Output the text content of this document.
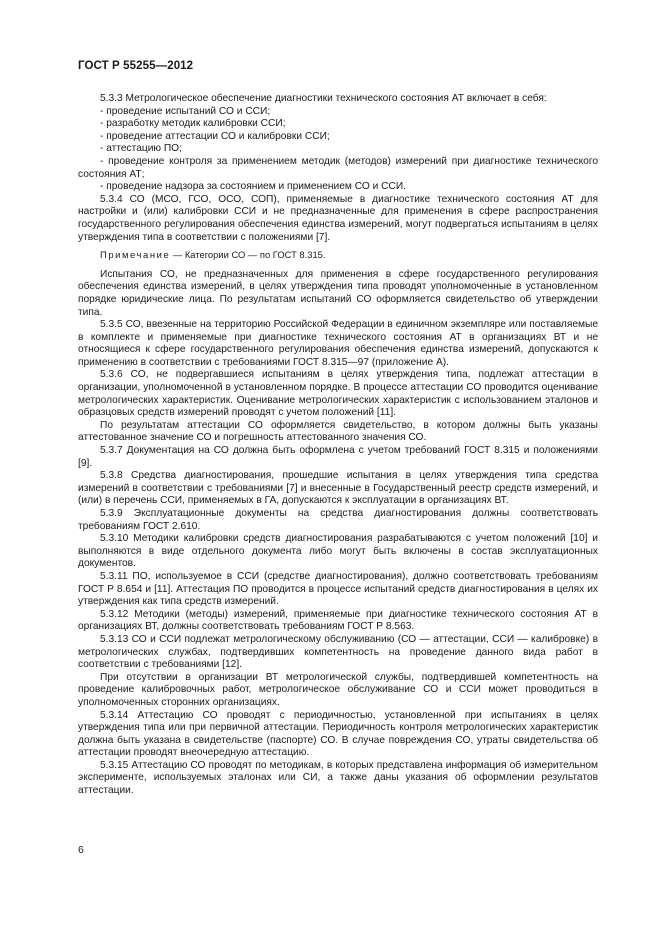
ГОСТ Р 55255—2012

5.3.3 Метрологическое обеспечение диагностики технического состояния АТ включает в себя:

- проведение испытаний СО и ССИ;

- разработку методик калибровки ССИ;

- проведение аттестации СО и калибровки ССИ;

- аттестацию ПО;

- проведение контроля за применением методик (методов) измерений при диагностике технического состояния АТ;

- проведение надзора за состоянием и применением СО и ССИ.

5.3.4 СО (МСО, ГСО, ОСО, СОП), применяемые в диагностике технического состояния АТ для настройки и (или) калибровки ССИ и не предназначенные для применения в сфере распространения государственного регулирования обеспечения единства измерений, могут подвергаться испытаниям в целях утверждения типа в соответствии с положениями [7].

Примечание — Категории СО — по ГОСТ 8.315.

Испытания СО, не предназначенных для применения в сфере государственного регулирования обеспечения единства измерений, в целях утверждения типа проводят уполномоченные в установленном порядке юридические лица. По результатам испытаний СО оформляется свидетельство об утверждении типа.

5.3.5 СО, ввезенные на территорию Российской Федерации в единичном экземпляре или поставляемые в комплекте и применяемые при диагностике технического состояния АТ в организациях ВТ и не относящиеся к сфере государственного регулирования обеспечения единства измерений, допускаются к применению в соответствии с требованиями ГОСТ 8.315—97 (приложение А).

5.3.6 СО, не подвергавшиеся испытаниям в целях утверждения типа, подлежат аттестации в организации, уполномоченной в установленном порядке. В процессе аттестации СО проводится оценивание метрологических характеристик. Оценивание метрологических характеристик с использованием эталонов и образцовых средств измерений проводят с учетом положений [11].

По результатам аттестации СО оформляется свидетельство, в котором должны быть указаны аттестованное значение СО и погрешность аттестованного значения СО.

5.3.7 Документация на СО должна быть оформлена с учетом требований ГОСТ 8.315 и положениями [9].

5.3.8 Средства диагностирования, прошедшие испытания в целях утверждения типа средства измерений в соответствии с требованиями [7] и внесенные в Государственный реестр средств измерений, и (или) в перечень ССИ, применяемых в ГА, допускаются к эксплуатации в организациях ВТ.

5.3.9 Эксплуатационные документы на средства диагностирования должны соответствовать требованиям ГОСТ 2.610.

5.3.10 Методики калибровки средств диагностирования разрабатываются с учетом положений [10] и выполняются в виде отдельного документа либо могут быть включены в состав эксплуатационных документов.

5.3.11 ПО, используемое в ССИ (средстве диагностирования), должно соответствовать требованиям ГОСТ Р 8.654 и [11]. Аттестация ПО проводится в процессе испытаний средств диагностирования в целях их утверждения как типа средств измерений.

5.3.12 Методики (методы) измерений, применяемые при диагностике технического состояния АТ в организациях ВТ, должны соответствовать требованиям ГОСТ Р 8.563.

5.3.13 СО и ССИ подлежат метрологическому обслуживанию (СО — аттестации, ССИ — калибровке) в метрологических службах, подтвердивших компетентность на проведение данного вида работ в соответствии с требованиями [12].

При отсутствии в организации ВТ метрологической службы, подтвердившей компетентность на проведение калибровочных работ, метрологическое обслуживание СО и ССИ может проводиться в уполномоченных сторонних организациях.

5.3.14 Аттестацию СО проводят с периодичностью, установленной при испытаниях в целях утверждения типа или при первичной аттестации. Периодичность контроля метрологических характеристик должна быть указана в свидетельстве (паспорте) СО. В случае повреждения СО, утраты свидетельства об аттестации проводят внеочередную аттестацию.

5.3.15 Аттестацию СО проводят по методикам, в которых представлена информация об измерительном эксперименте, используемых эталонах или СИ, а также даны указания об оформлении результатов аттестации.

6
